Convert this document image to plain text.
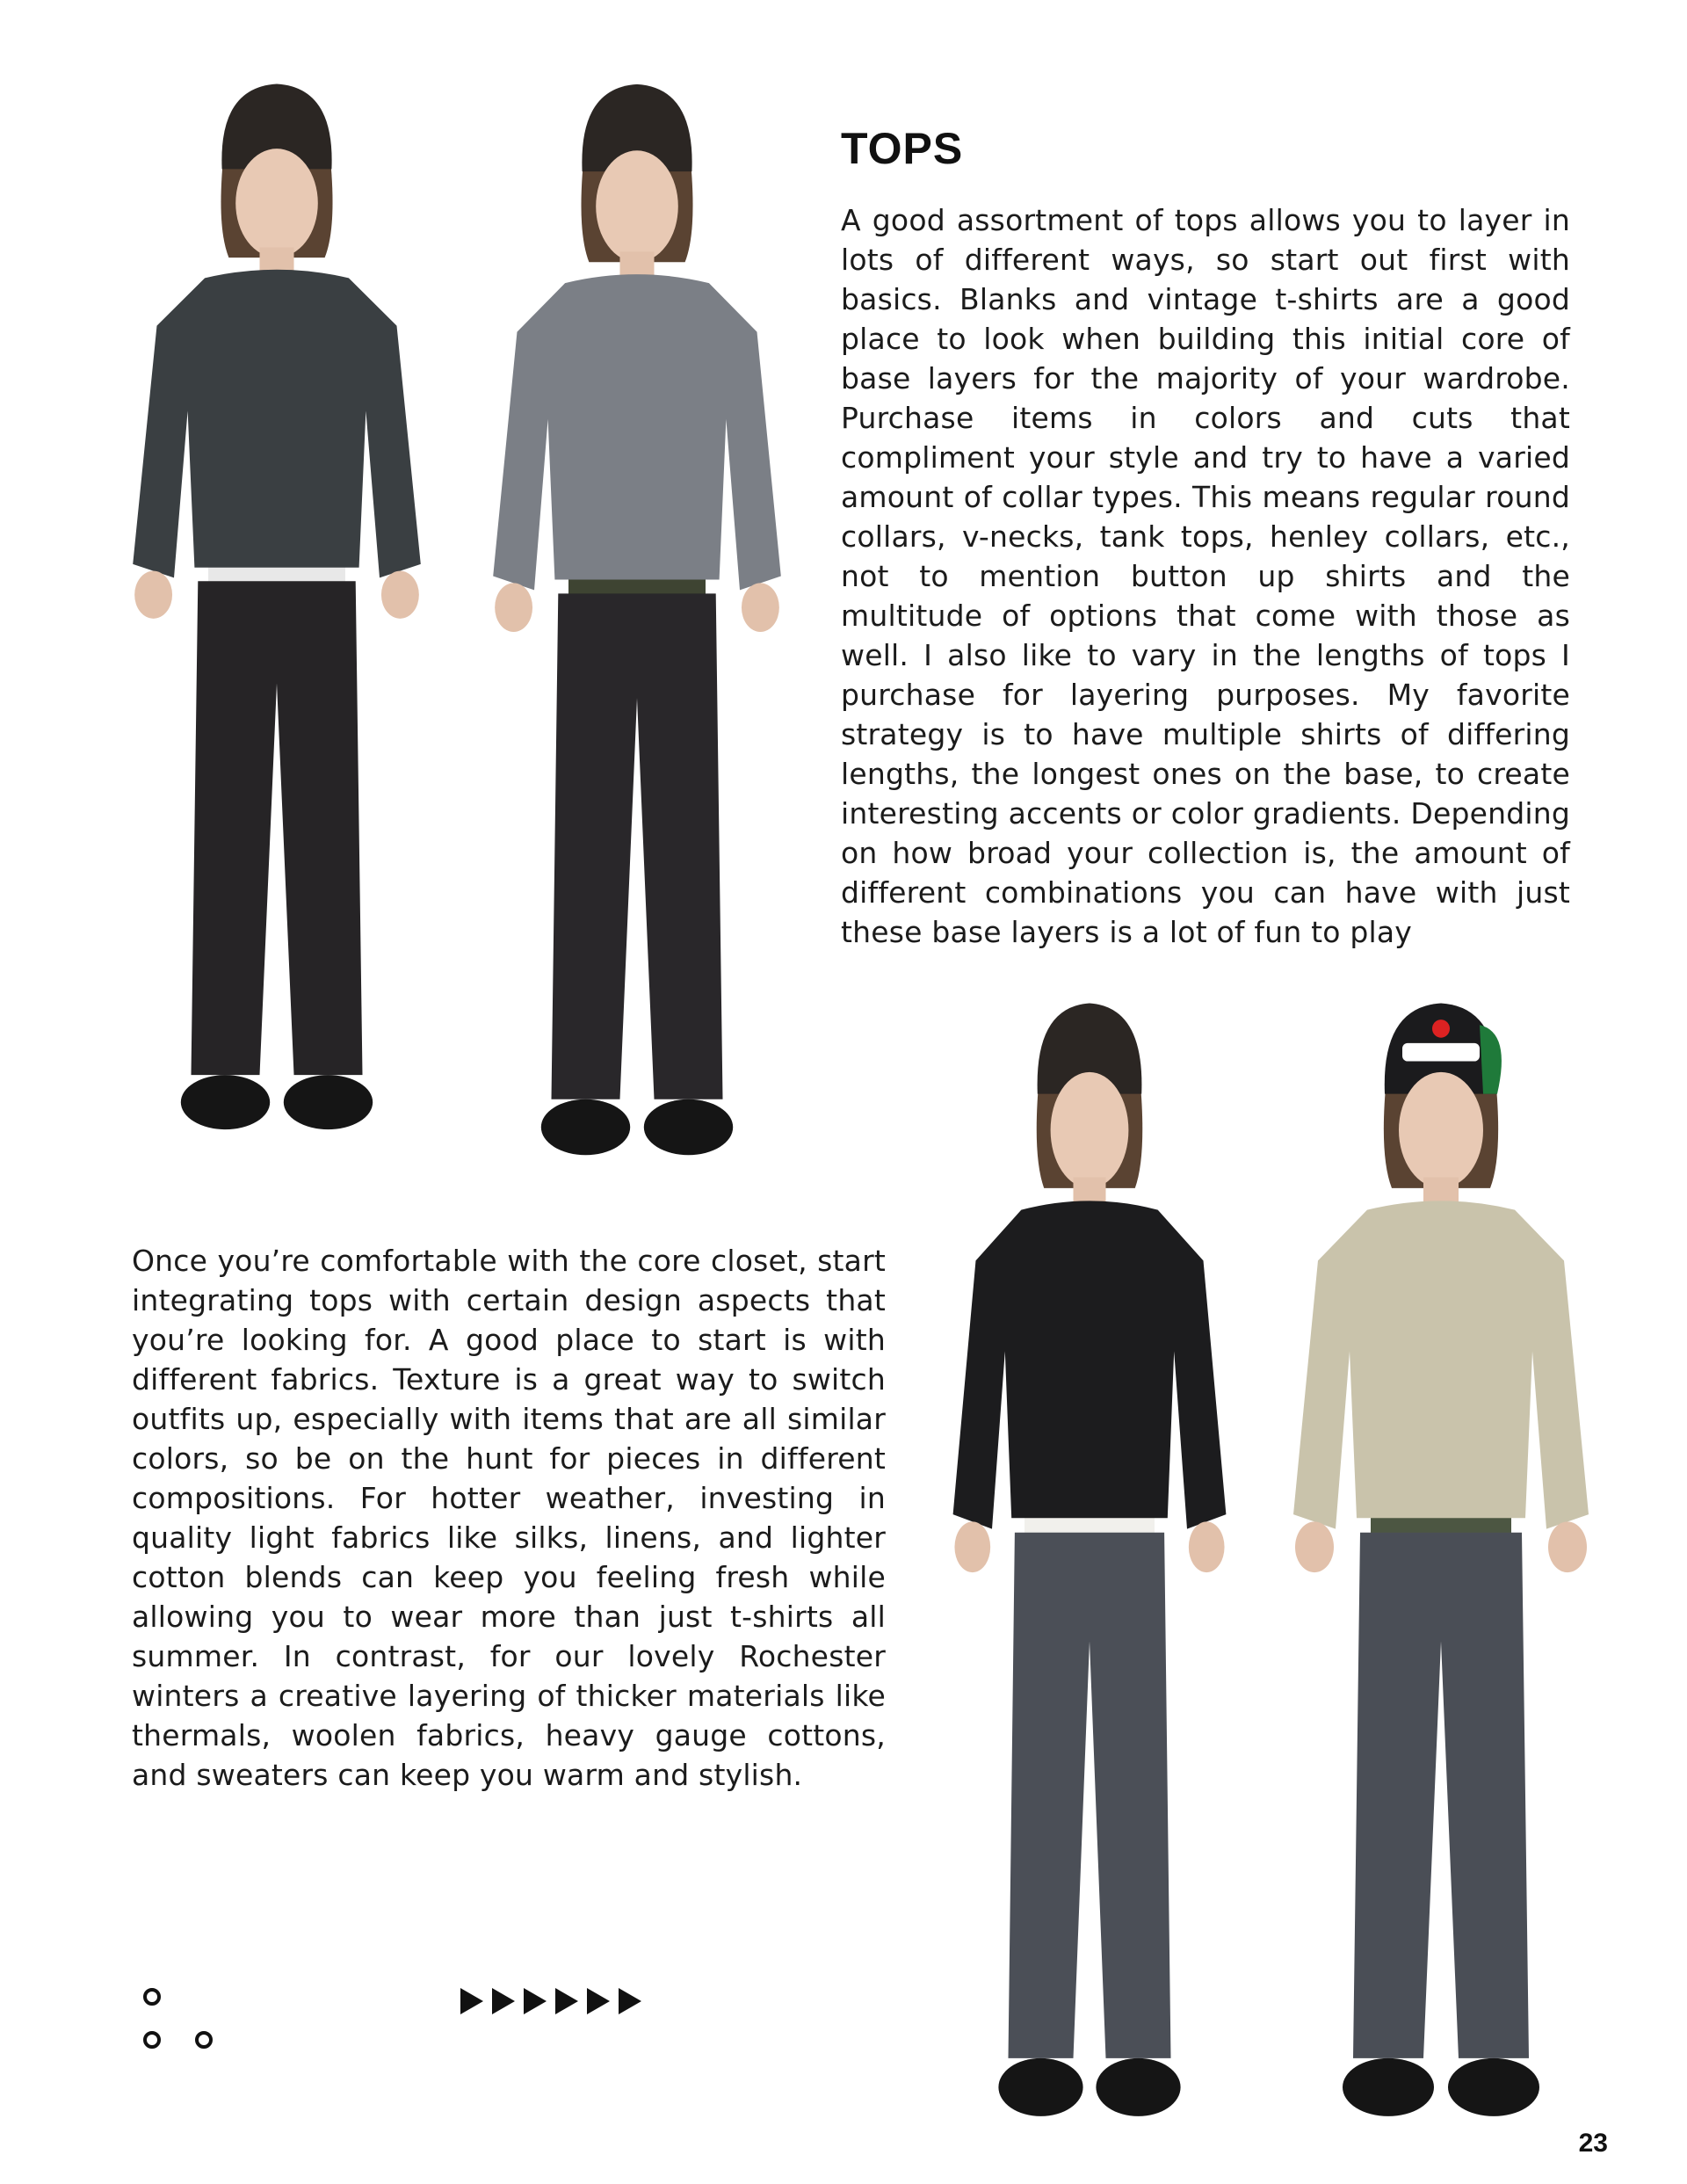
TOPS

A good assortment of tops allows you to layer in lots of different ways, so start out first with basics. Blanks and vintage t-shirts are a good place to look when building this initial core of base layers for the majority of your wardrobe. Purchase items in colors and cuts that compliment your style and try to have a varied amount of collar types. This means regular round collars, v-necks, tank tops, henley collars, etc., not to mention button up shirts and the multitude of options that come with those as well. I also like to vary in the lengths of tops I purchase for layering purposes. My favorite strategy is to have multiple shirts of differing lengths, the longest ones on the base, to create interesting accents or color gradients. Depending on how broad your collection is, the amount of different combinations you can have with just these base layers is a lot of fun to play

Once you’re comfortable with the core closet, start integrating tops with certain design aspects that you’re looking for. A good place to start is with different fabrics. Texture is a great way to switch outfits up, especially with items that are all similar colors, so be on the hunt for pieces in different compositions. For hotter weather, investing in quality light fabrics like silks, linens, and lighter cotton blends can keep you feeling fresh while allowing you to wear more than just t-shirts all summer. In contrast, for our lovely Rochester winters a creative layering of thicker materials like thermals, woolen fabrics, heavy gauge cottons, and sweaters can keep you warm and stylish.

23
